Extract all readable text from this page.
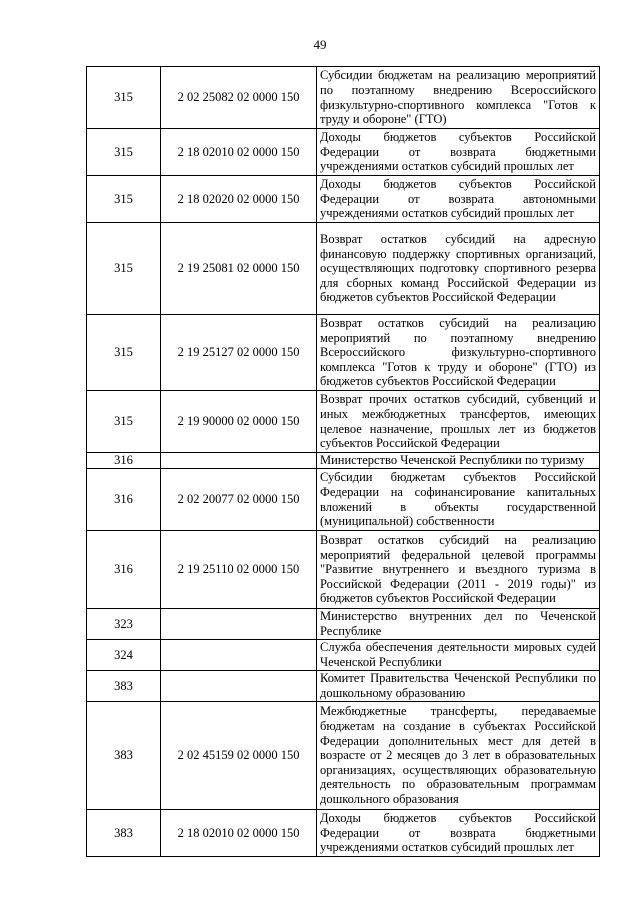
49
315	2 02 25082 02 0000 150	Субсидии бюджетам на реализацию мероприятий по поэтапному внедрению Всероссийского физкультурно-спортивного комплекса "Готов к труду и обороне" (ГТО)
315	2 18 02010 02 0000 150	Доходы бюджетов субъектов Российской Федерации от возврата бюджетными учреждениями остатков субсидий прошлых лет
315	2 18 02020 02 0000 150	Доходы бюджетов субъектов Российской Федерации от возврата автономными учреждениями остатков субсидий прошлых лет
315	2 19 25081 02 0000 150	Возврат остатков субсидий на адресную финансовую поддержку спортивных организаций, осуществляющих подготовку спортивного резерва для сборных команд Российской Федерации из бюджетов субъектов Российской Федерации
315	2 19 25127 02 0000 150	Возврат остатков субсидий на реализацию мероприятий по поэтапному внедрению Всероссийского физкультурно-спортивного комплекса "Готов к труду и обороне" (ГТО) из бюджетов субъектов Российской Федерации
315	2 19 90000 02 0000 150	Возврат прочих остатков субсидий, субвенций и иных межбюджетных трансфертов, имеющих целевое назначение, прошлых лет из бюджетов субъектов Российской Федерации
316		Министерство Чеченской Республики по туризму
316	2 02 20077 02 0000 150	Субсидии бюджетам субъектов Российской Федерации на софинансирование капитальных вложений в объекты государственной (муниципальной) собственности
316	2 19 25110 02 0000 150	Возврат остатков субсидий на реализацию мероприятий федеральной целевой программы "Развитие внутреннего и въездного туризма в Российской Федерации (2011 - 2019 годы)" из бюджетов субъектов Российской Федерации
323		Министерство внутренних дел по Чеченской Республике
324		Служба обеспечения деятельности мировых судей Чеченской Республики
383		Комитет Правительства Чеченской Республики по дошкольному образованию
383	2 02 45159 02 0000 150	Межбюджетные трансферты, передаваемые бюджетам на создание в субъектах Российской Федерации дополнительных мест для детей в возрасте от 2 месяцев до 3 лет в образовательных организациях, осуществляющих образовательную деятельность по образовательным программам дошкольного образования
383	2 18 02010 02 0000 150	Доходы бюджетов субъектов Российской Федерации от возврата бюджетными учреждениями остатков субсидий прошлых лет
